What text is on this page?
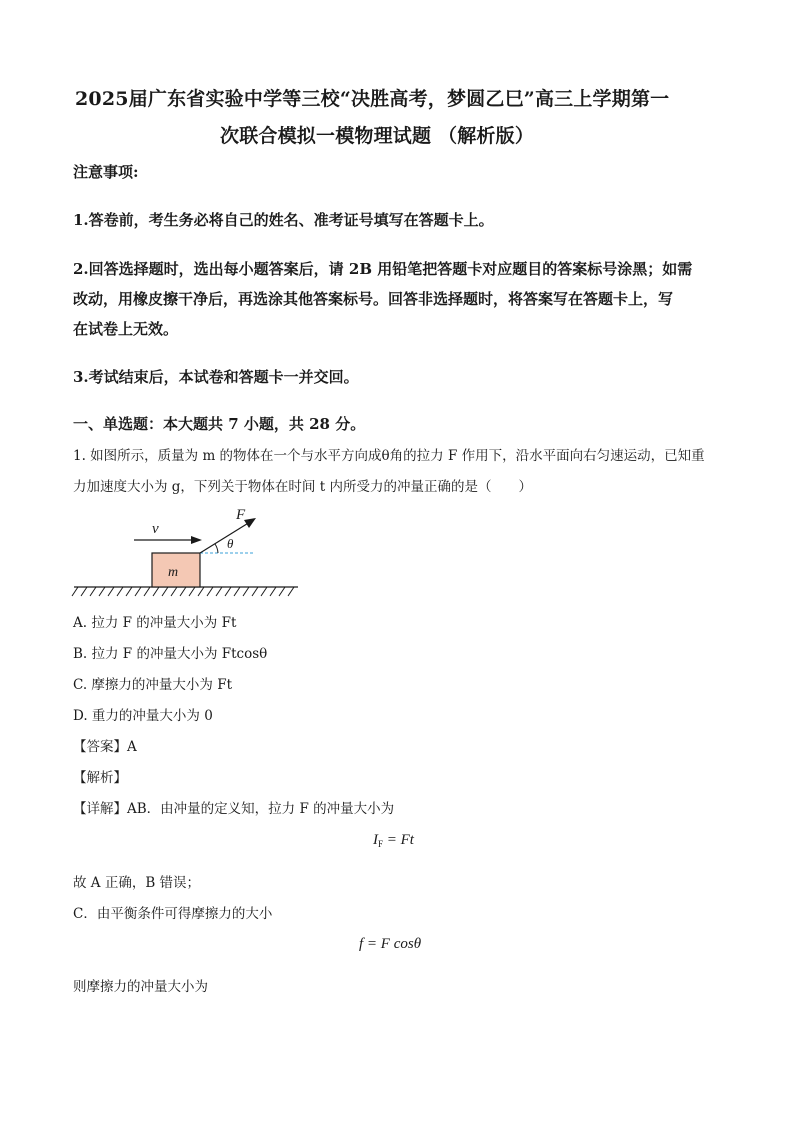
2025届广东省实验中学等三校“决胜高考，梦圆乙巳”高三上学期第一
次联合模拟一模物理试题 （解析版）
注意事项:
1.答卷前，考生务必将自己的姓名、准考证号填写在答题卡上。
2.回答选择题时，选出每小题答案后，请 2B 用铅笔把答题卡对应题目的答案标号涂黑；如需
改动，用橡皮擦干净后，再选涂其他答案标号。回答非选择题时，将答案写在答题卡上，写
在试卷上无效。
3.考试结束后，本试卷和答题卡一并交回。
一、单选题：本大题共 7 小题，共 28 分。
1. 如图所示，质量为 m 的物体在一个与水平方向成θ角的拉力 F 作用下，沿水平面向右匀速运动，已知重
力加速度大小为 g，下列关于物体在时间 t 内所受力的冲量正确的是（　　）
m
v
F
θ
A. 拉力 F 的冲量大小为 Ft
B. 拉力 F 的冲量大小为 Ftcosθ
C. 摩擦力的冲量大小为 Ft
D. 重力的冲量大小为 0
【答案】A
【解析】
【详解】AB．由冲量的定义知，拉力 F 的冲量大小为
$I_F = Ft$
故 A 正确，B 错误；
C．由平衡条件可得摩擦力的大小
f = F cosθ
则摩擦力的冲量大小为
